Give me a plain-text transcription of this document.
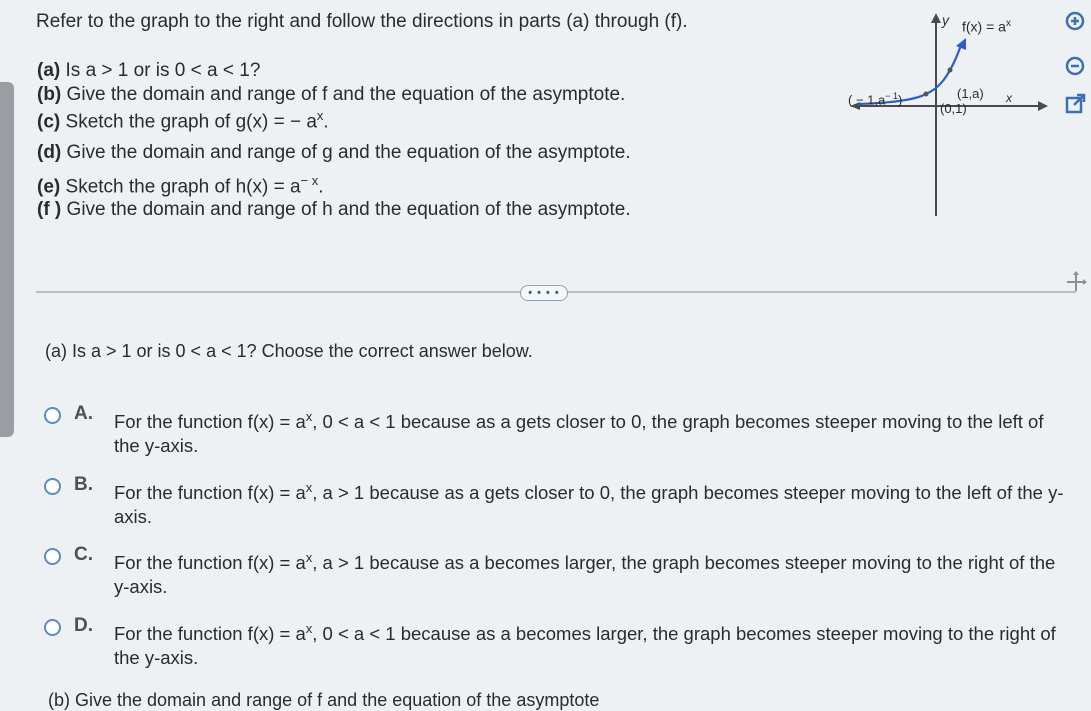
Refer to the graph to the right and follow the directions in parts (a) through (f).
(a) Is a > 1 or is 0 < a < 1?
(b) Give the domain and range of f and the equation of the asymptote.
(c) Sketch the graph of g(x) = − $a^x$.
(d) Give the domain and range of g and the equation of the asymptote.
(e) Sketch the graph of $h(x) = a^{- x}$.
(f ) Give the domain and range of h and the equation of the asymptote.
y $f(x) = a^x$
( − $1,a^{- 1}$)	(1,a)
(0,1)
x
• • • •
(a) Is a > 1 or is 0 < a < 1? Choose the correct answer below.
A. For the function $f(x) = a^x$, 0 < a < 1 because as a gets closer to 0, the graph becomes steeper moving to the left of the y-axis.
B. For the function $f(x) = a^x$, a > 1 because as a gets closer to 0, the graph becomes steeper moving to the left of the y-axis.
C. For the function $f(x) = a^x$, a > 1 because as a becomes larger, the graph becomes steeper moving to the right of the y-axis.
D. For the function $f(x) = a^x$, 0 < a < 1 because as a becomes larger, the graph becomes steeper moving to the right of the y-axis.
(b) Give the domain and range of f and the equation of the asymptote
